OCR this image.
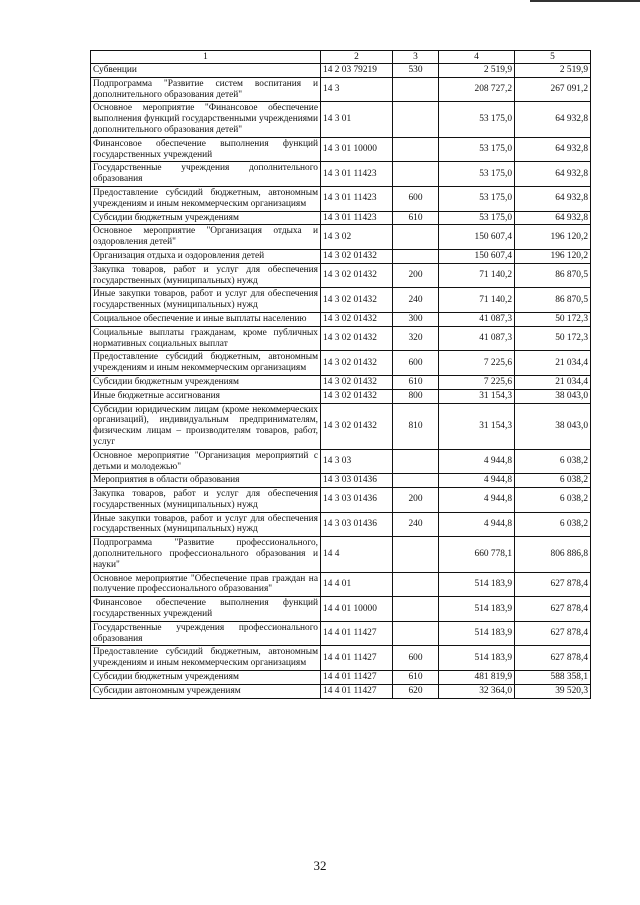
1	2	3	4	5
Субвенции	14 2 03 79219	530	2 519,9	2 519,9
Подпрограмма "Развитие систем воспитания и дополнительного образования детей"	14 3		208 727,2	267 091,2
Основное мероприятие "Финансовое обеспечение выполнения функций государственными учреждениями дополнительного образования детей"	14 3 01		53 175,0	64 932,8
Финансовое обеспечение выполнения функций государственных учреждений	14 3 01 10000		53 175,0	64 932,8
Государственные учреждения дополнительного образования	14 3 01 11423		53 175,0	64 932,8
Предоставление субсидий бюджетным, автономным учреждениям и иным некоммерческим организациям	14 3 01 11423	600	53 175,0	64 932,8
Субсидии бюджетным учреждениям	14 3 01 11423	610	53 175,0	64 932,8
Основное мероприятие "Организация отдыха и оздоровления детей"	14 3 02		150 607,4	196 120,2
Организация отдыха и оздоровления детей	14 3 02 01432		150 607,4	196 120,2
Закупка товаров, работ и услуг для обеспечения государственных (муниципальных) нужд	14 3 02 01432	200	71 140,2	86 870,5
Иные закупки товаров, работ и услуг для обеспечения государственных (муниципальных) нужд	14 3 02 01432	240	71 140,2	86 870,5
Социальное обеспечение и иные выплаты населению	14 3 02 01432	300	41 087,3	50 172,3
Социальные выплаты гражданам, кроме публичных нормативных социальных выплат	14 3 02 01432	320	41 087,3	50 172,3
Предоставление субсидий бюджетным, автономным учреждениям и иным некоммерческим организациям	14 3 02 01432	600	7 225,6	21 034,4
Субсидии бюджетным учреждениям	14 3 02 01432	610	7 225,6	21 034,4
Иные бюджетные ассигнования	14 3 02 01432	800	31 154,3	38 043,0
Субсидии юридическим лицам (кроме некоммерческих организаций), индивидуальным предпринимателям, физическим лицам – производителям товаров, работ, услуг	14 3 02 01432	810	31 154,3	38 043,0
Основное мероприятие "Организация мероприятий с детьми и молодежью"	14 3 03		4 944,8	6 038,2
Мероприятия в области образования	14 3 03 01436		4 944,8	6 038,2
Закупка товаров, работ и услуг для обеспечения государственных (муниципальных) нужд	14 3 03 01436	200	4 944,8	6 038,2
Иные закупки товаров, работ и услуг для обеспечения государственных (муниципальных) нужд	14 3 03 01436	240	4 944,8	6 038,2
Подпрограмма "Развитие профессионального, дополнительного профессионального образования и науки"	14 4		660 778,1	806 886,8
Основное мероприятие "Обеспечение прав граждан на получение профессионального образования"	14 4 01		514 183,9	627 878,4
Финансовое обеспечение выполнения функций государственных учреждений	14 4 01 10000		514 183,9	627 878,4
Государственные учреждения профессионального образования	14 4 01 11427		514 183,9	627 878,4
Предоставление субсидий бюджетным, автономным учреждениям и иным некоммерческим организациям	14 4 01 11427	600	514 183,9	627 878,4
Субсидии бюджетным учреждениям	14 4 01 11427	610	481 819,9	588 358,1
Субсидии автономным учреждениям	14 4 01 11427	620	32 364,0	39 520,3
32
